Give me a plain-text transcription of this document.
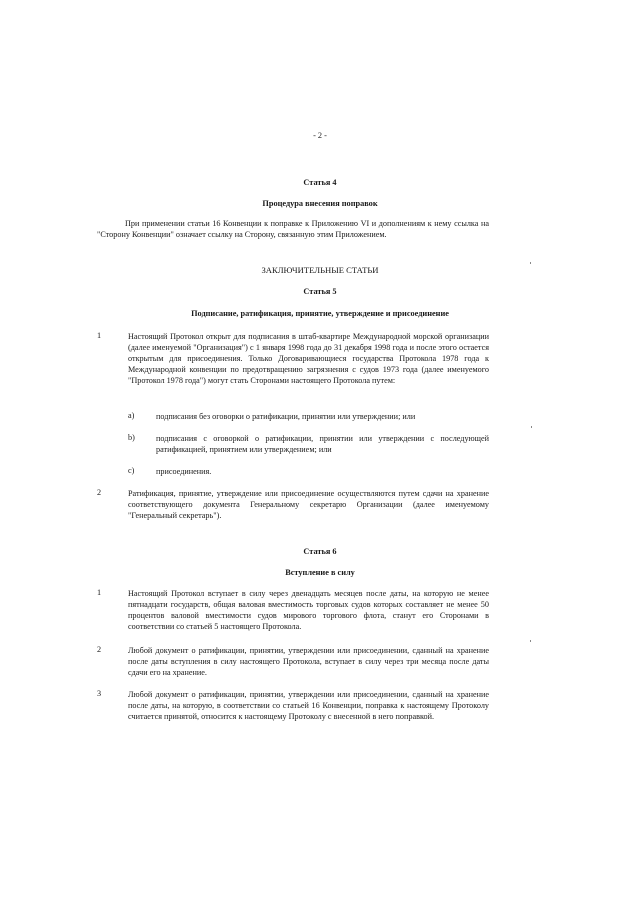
- 2 -
Статья 4
Процедура внесения поправок
При применении статьи 16 Конвенции к поправке к Приложению VI и дополнениям к нему ссылка на "Сторону Конвенции" означает ссылку на Сторону, связанную этим Приложением.
ЗАКЛЮЧИТЕЛЬНЫЕ СТАТЬИ
Статья 5
Подписание, ратификация, принятие, утверждение и присоединение
1	Настоящий Протокол открыт для подписания в штаб-квартире Международной морской организации (далее именуемой "Организация") с 1 января 1998 года до 31 декабря 1998 года и после этого остается открытым для присоединения. Только Договаривающиеся государства Протокола 1978 года к Международной конвенции по предотвращению загрязнения с судов 1973 года (далее именуемого "Протокол 1978 года") могут стать Сторонами настоящего Протокола путем:
a)	подписания без оговорки о ратификации, принятии или утверждении; или
b)	подписания с оговоркой о ратификации, принятии или утверждении с последующей ратификацией, принятием или утверждением; или
c)	присоединения.
2	Ратификация, принятие, утверждение или присоединение осуществляются путем сдачи на хранение соответствующего документа Генеральному секретарю Организации (далее именуемому "Генеральный секретарь").
Статья 6
Вступление в силу
1	Настоящий Протокол вступает в силу через двенадцать месяцев после даты, на которую не менее пятнадцати государств, общая валовая вместимость торговых судов которых составляет не менее 50 процентов валовой вместимости судов мирового торгового флота, станут его Сторонами в соответствии со статьей 5 настоящего Протокола.
2	Любой документ о ратификации, принятии, утверждении или присоединении, сданный на хранение после даты вступления в силу настоящего Протокола, вступает в силу через три месяца после даты сдачи его на хранение.
3	Любой документ о ратификации, принятии, утверждении или присоединении, сданный на хранение после даты, на которую, в соответствии со статьей 16 Конвенции, поправка к настоящему Протоколу считается принятой, относится к настоящему Протоколу с внесенной в него поправкой.
